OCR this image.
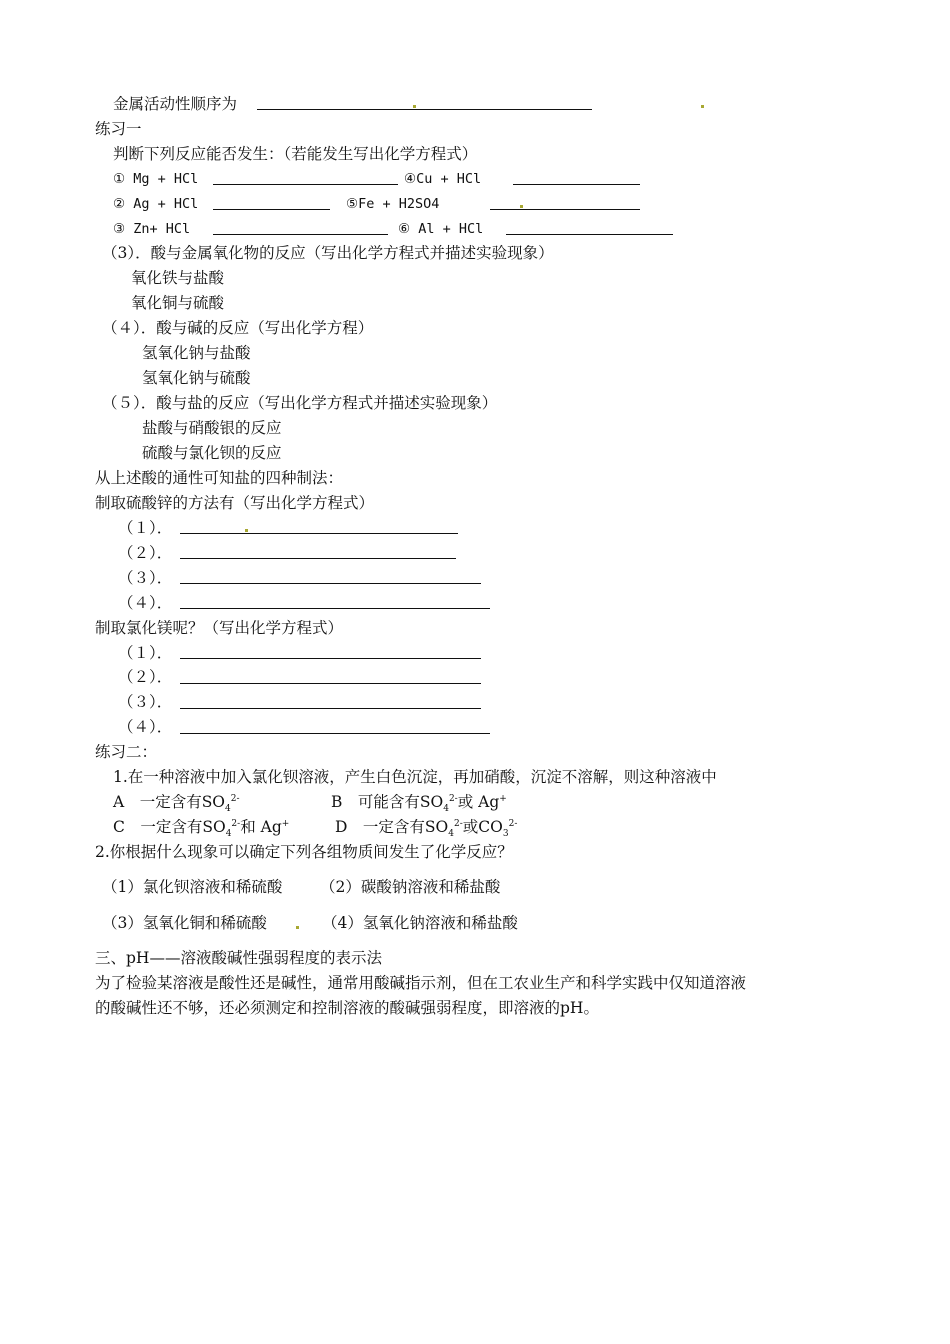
金属活动性顺序为
练习一
判断下列反应能否发生：（若能发生写出化学方程式）
① Mg + HCl	④Cu + HCl
② Ag + HCl	⑤Fe + H2SO4
③ Zn+ HCl	⑥ Al + HCl
（3）．酸与金属氧化物的反应（写出化学方程式并描述实验现象）
氧化铁与盐酸
氧化铜与硫酸
（４）．酸与碱的反应（写出化学方程）
氢氧化钠与盐酸
氢氧化钠与硫酸
（５）．酸与盐的反应（写出化学方程式并描述实验现象）
盐酸与硝酸银的反应
硫酸与氯化钡的反应
从上述酸的通性可知盐的四种制法：
制取硫酸锌的方法有（写出化学方程式）
（１）．
（２）．
（３）．
（４）．
制取氯化镁呢？（写出化学方程式）
（１）．
（２）．
（３）．
（４）．
练习二：
1.在一种溶液中加入氯化钡溶液，产生白色沉淀，再加硝酸，沉淀不溶解，则这种溶液中
A　一定含有$SO_4^{2-}$	B　可能含有$SO_4^{2-}$或 Ag+
C　一定含有$SO_4^{2-}$和 Ag+	D　一定含有$SO_4^{2-}$或$CO_3^{2-}$
2.你根据什么现象可以确定下列各组物质间发生了化学反应？
（1）氯化钡溶液和稀硫酸 （2）碳酸钠溶液和稀盐酸
（3）氢氧化铜和稀硫酸	（4）氢氧化钠溶液和稀盐酸
三、pH——溶液酸碱性强弱程度的表示法
为了检验某溶液是酸性还是碱性，通常用酸碱指示剂，但在工农业生产和科学实践中仅知道溶液
的酸碱性还不够，还必须测定和控制溶液的酸碱强弱程度，即溶液的pH。
